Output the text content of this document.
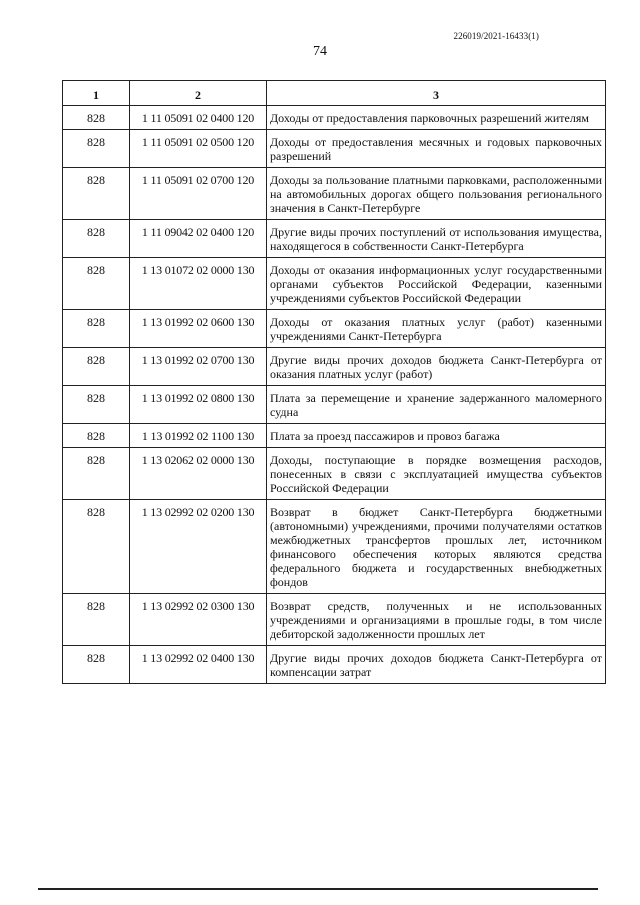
226019/2021-16433(1)
74
1	2	3
828	1 11 05091 02 0400 120	Доходы от предоставления парковочных разрешений жителям
828	1 11 05091 02 0500 120	Доходы от предоставления месячных и годовых парковочных разрешений
828	1 11 05091 02 0700 120	Доходы за пользование платными парковками, расположенными на автомобильных дорогах общего пользования регионального значения в Санкт-Петербурге
828	1 11 09042 02 0400 120	Другие виды прочих поступлений от использования имущества, находящегося в собственности Санкт-Петербурга
828	1 13 01072 02 0000 130	Доходы от оказания информационных услуг государственными органами субъектов Российской Федерации, казенными учреждениями субъектов Российской Федерации
828	1 13 01992 02 0600 130	Доходы от оказания платных услуг (работ) казенными учреждениями Санкт-Петербурга
828	1 13 01992 02 0700 130	Другие виды прочих доходов бюджета Санкт-Петербурга от оказания платных услуг (работ)
828	1 13 01992 02 0800 130	Плата за перемещение и хранение задержанного маломерного судна
828	1 13 01992 02 1100 130	Плата за проезд пассажиров и провоз багажа
828	1 13 02062 02 0000 130	Доходы, поступающие в порядке возмещения расходов, понесенных в связи с эксплуатацией имущества субъектов Российской Федерации
828	1 13 02992 02 0200 130	Возврат в бюджет Санкт-Петербурга бюджетными (автономными) учреждениями, прочими получателями остатков межбюджетных трансфертов прошлых лет, источником финансового обеспечения которых являются средства федерального бюджета и государственных внебюджетных фондов
828	1 13 02992 02 0300 130	Возврат средств, полученных и не использованных учреждениями и организациями в прошлые годы, в том числе дебиторской задолженности прошлых лет
828	1 13 02992 02 0400 130	Другие виды прочих доходов бюджета Санкт-Петербурга от компенсации затрат
